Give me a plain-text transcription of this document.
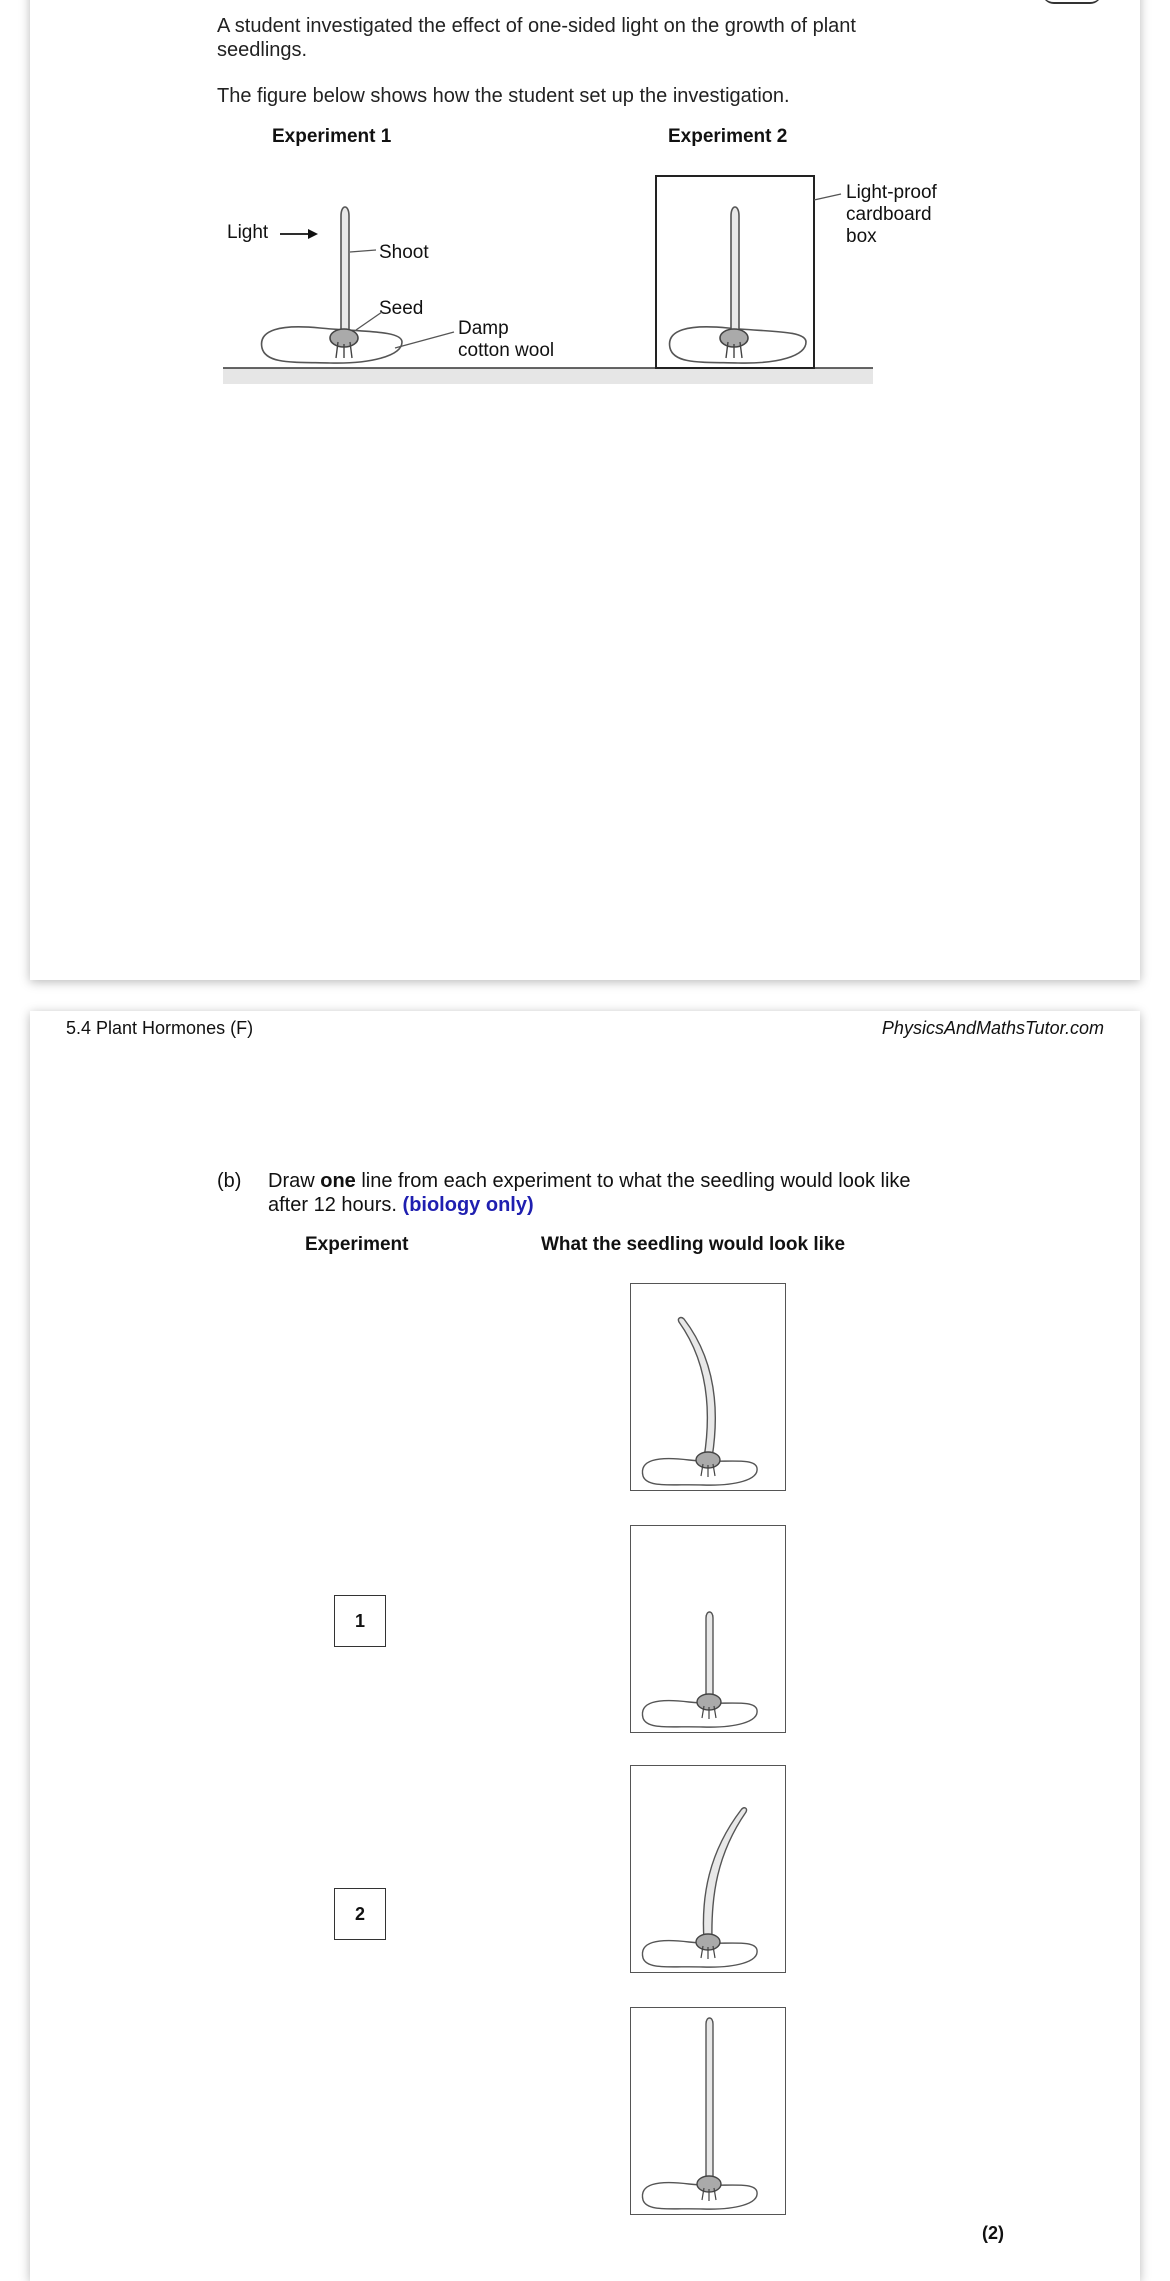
A student investigated the effect of one-sided light on the growth of plant
seedlings.
The figure below shows how the student set up the investigation.
Experiment 1	Experiment 2
Light
Shoot
Seed
Damp
cotton wool
Light-proof
cardboard
box
5.4 Plant Hormones (F)	PhysicsAndMathsTutor.com
(b) Draw one line from each experiment to what the seedling would look like
after 12 hours. (biology only)
Experiment	What the seedling would look like
1
2
(2)
